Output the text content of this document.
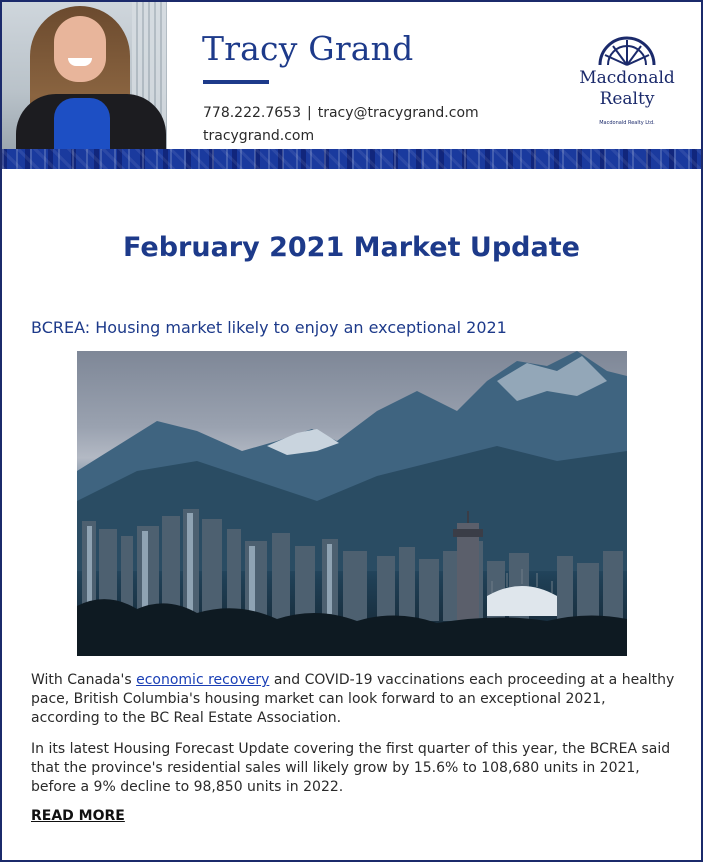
Tracy Grand
778.222.7653 | tracy@tracygrand.com
tracygrand.com
Macdonald
Realty
Macdonald Realty Ltd.
February 2021 Market Update
BCREA: Housing market likely to enjoy an exceptional 2021
With Canada's economic recovery and COVID-19 vaccinations each proceeding at a healthy pace, British Columbia's housing market can look forward to an exceptional 2021, according to the BC Real Estate Association.
In its latest Housing Forecast Update covering the first quarter of this year, the BCREA said that the province's residential sales will likely grow by 15.6% to 108,680 units in 2021, before a 9% decline to 98,850 units in 2022.
READ MORE
